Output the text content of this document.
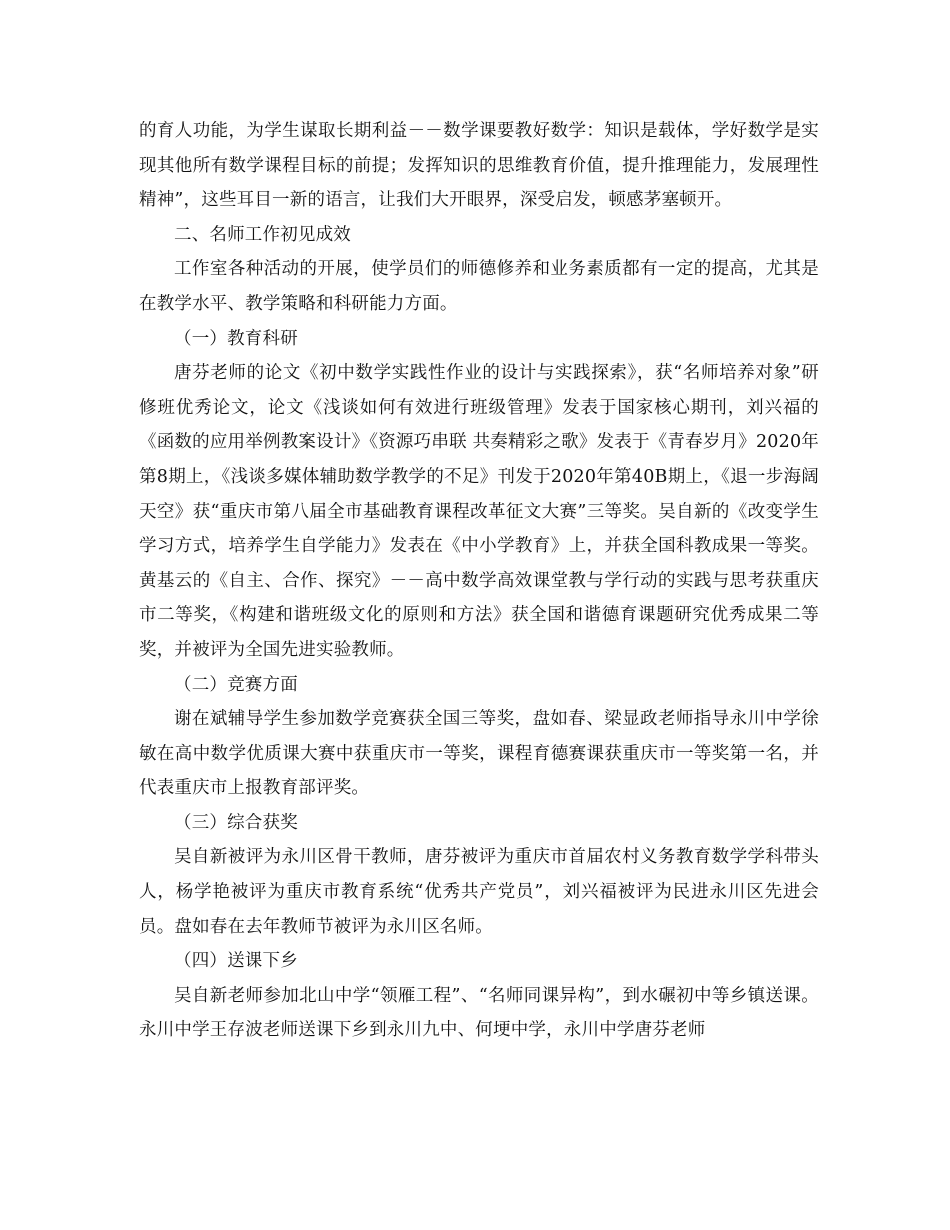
的育人功能，为学生谋取长期利益－－数学课要教好数学：知识是载体，学好数学是实现其他所有数学课程目标的前提；发挥知识的思维教育价值，提升推理能力，发展理性精神”，这些耳目一新的语言，让我们大开眼界，深受启发，顿感茅塞顿开。

二、名师工作初见成效

工作室各种活动的开展，使学员们的师德修养和业务素质都有一定的提高，尤其是在教学水平、教学策略和科研能力方面。

（一）教育科研

唐芬老师的论文《初中数学实践性作业的设计与实践探索》，获“名师培养对象”研修班优秀论文，论文《浅谈如何有效进行班级管理》发表于国家核心期刊，刘兴福的《函数的应用举例教案设计》《资源巧串联 共奏精彩之歌》发表于《青春岁月》2020年第8期上，《浅谈多媒体辅助数学教学的不足》刊发于2020年第40B期上，《退一步海阔天空》获“重庆市第八届全市基础教育课程改革征文大赛”三等奖。吴自新的《改变学生学习方式，培养学生自学能力》发表在《中小学教育》上，并获全国科教成果一等奖。黄基云的《自主、合作、探究》－－高中数学高效课堂教与学行动的实践与思考获重庆市二等奖，《构建和谐班级文化的原则和方法》获全国和谐德育课题研究优秀成果二等奖，并被评为全国先进实验教师。

（二）竞赛方面

谢在斌辅导学生参加数学竞赛获全国三等奖，盘如春、梁显政老师指导永川中学徐敏在高中数学优质课大赛中获重庆市一等奖，课程育德赛课获重庆市一等奖第一名，并代表重庆市上报教育部评奖。

（三）综合获奖

吴自新被评为永川区骨干教师，唐芬被评为重庆市首届农村义务教育数学学科带头人，杨学艳被评为重庆市教育系统“优秀共产党员”，刘兴福被评为民进永川区先进会员。盘如春在去年教师节被评为永川区名师。

（四）送课下乡

吴自新老师参加北山中学“领雁工程”、“名师同课异构”，到水碾初中等乡镇送课。永川中学王存波老师送课下乡到永川九中、何埂中学，永川中学唐芬老师
